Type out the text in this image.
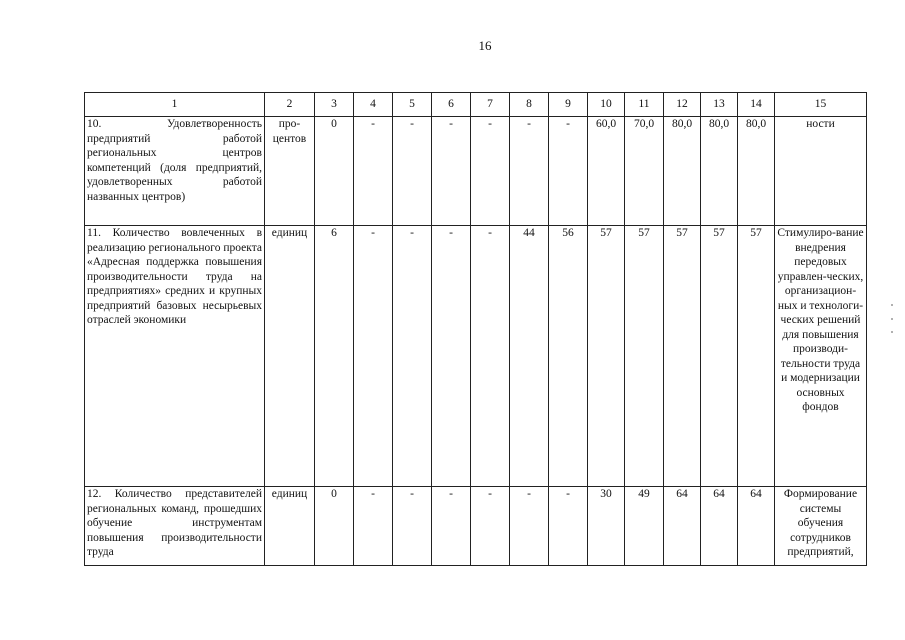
16
1	2	3	4	5	6	7	8	9	10	11	12	13	14	15
10. Удовлетворенность предприятий работой региональных центров компетенций (доля предприятий, удовлетворенных работой названных центров)	про-центов	0	-	-	-	-	-	-	60,0	70,0	80,0	80,0	80,0	ности
11. Количество вовлеченных в реализацию регионального проекта «Адресная поддержка повышения производительности труда на предприятиях» средних и крупных предприятий базовых несырьевых отраслей экономики	единиц	6	-	-	-	-	44	56	57	57	57	57	57	Стимулиро-вание внедрения передовых управлен-ческих, организацион-ных и технологи-ческих решений для повышения производи-тельности труда и модернизации основных фондов
12. Количество представителей региональных команд, прошедших обучение инструментам повышения производительности труда	единиц	0	-	-	-	-	-	-	30	49	64	64	64	Формирование системы обучения сотрудников предприятий,
